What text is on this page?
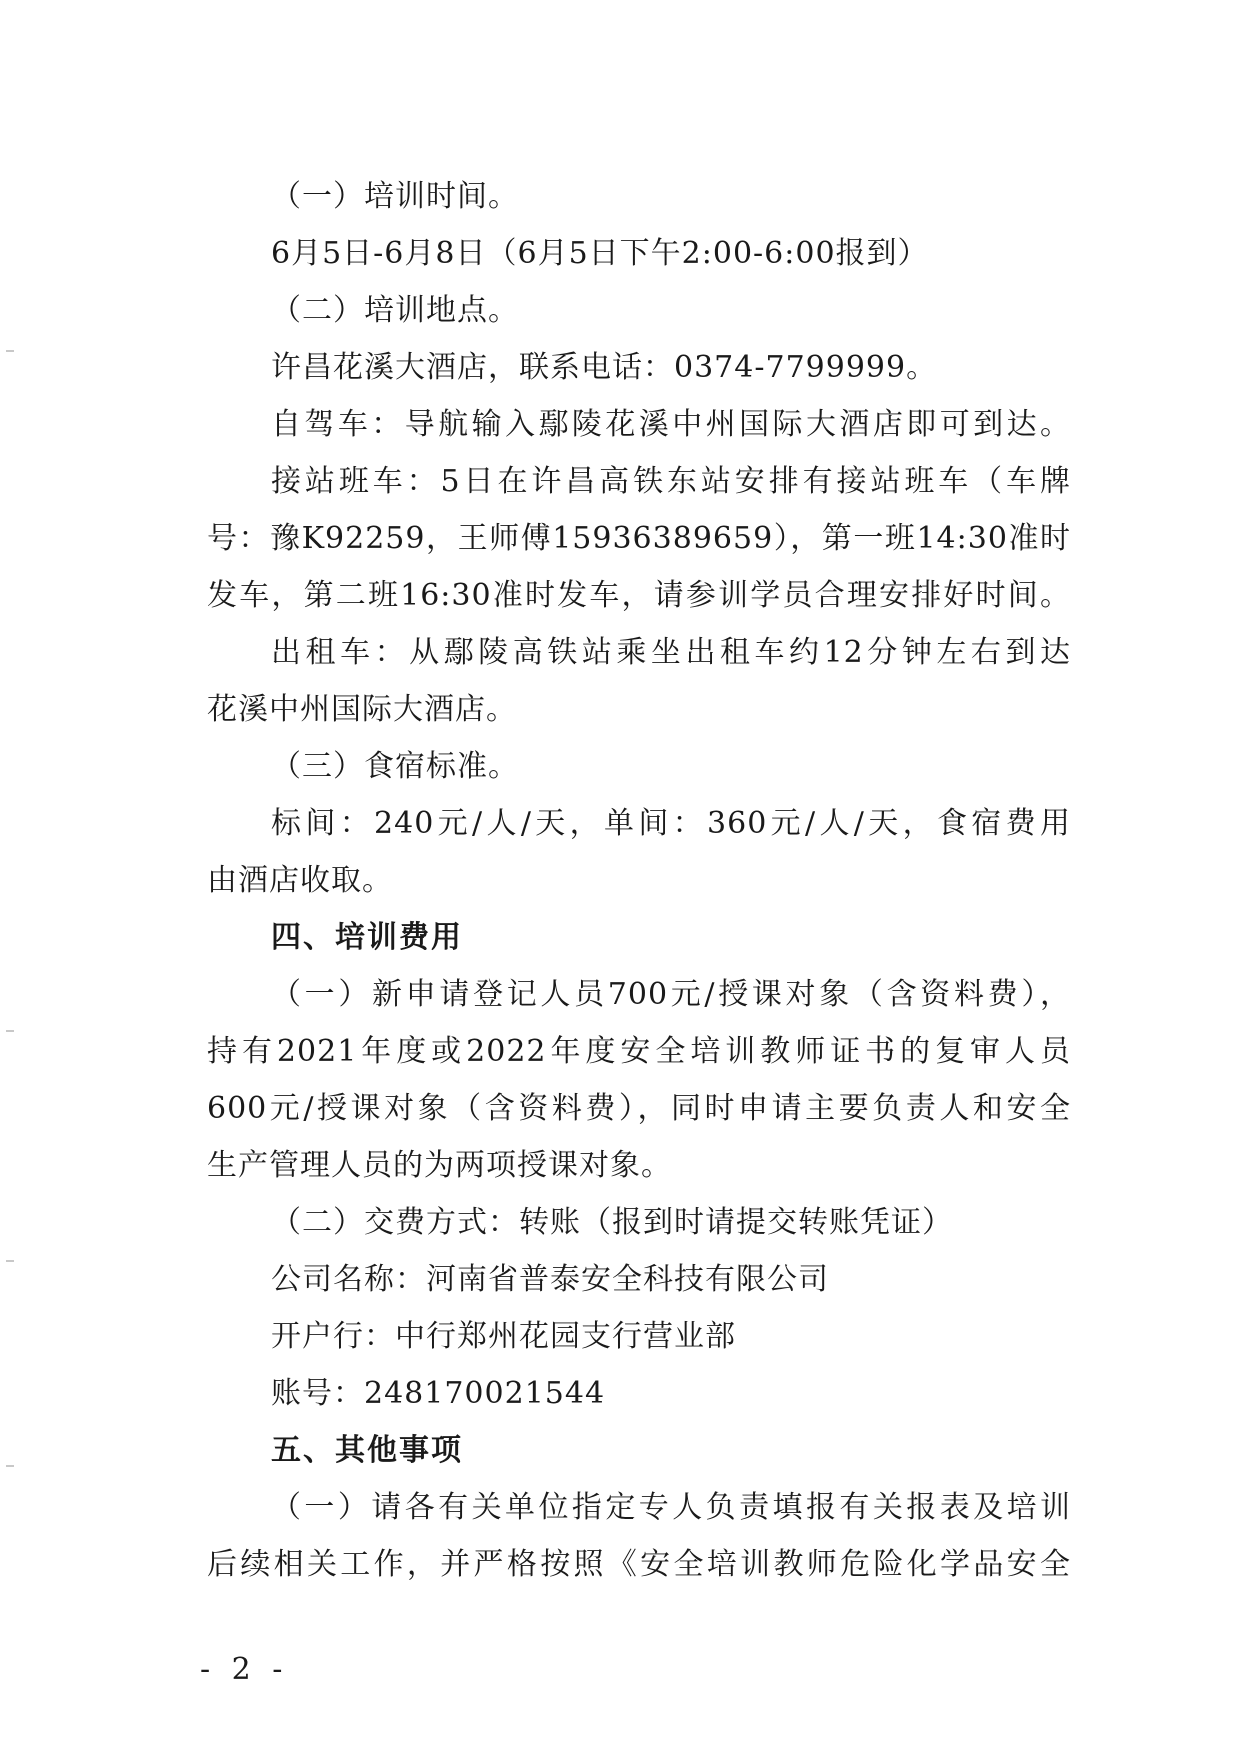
（一）培训时间。
6月5日-6月8日（6月5日下午2:00-6:00报到）
（二）培训地点。
许昌花溪大酒店，联系电话：0374-7799999。
自驾车：导航输入鄢陵花溪中州国际大酒店即可到达。
接站班车：5日在许昌高铁东站安排有接站班车（车牌
号：豫K92259，王师傅15936389659），第一班14:30准时
发车，第二班16:30准时发车，请参训学员合理安排好时间。
出租车：从鄢陵高铁站乘坐出租车约12分钟左右到达
花溪中州国际大酒店。
（三）食宿标准。
标间：240元/人/天，单间：360元/人/天，食宿费用
由酒店收取。
四、培训费用
（一）新申请登记人员700元/授课对象（含资料费），
持有2021年度或2022年度安全培训教师证书的复审人员
600元/授课对象（含资料费），同时申请主要负责人和安全
生产管理人员的为两项授课对象。
（二）交费方式：转账（报到时请提交转账凭证）
公司名称：河南省普泰安全科技有限公司
开户行：中行郑州花园支行营业部
账号：248170021544
五、其他事项
（一）请各有关单位指定专人负责填报有关报表及培训
后续相关工作，并严格按照《安全培训教师危险化学品安全
- 2 -
